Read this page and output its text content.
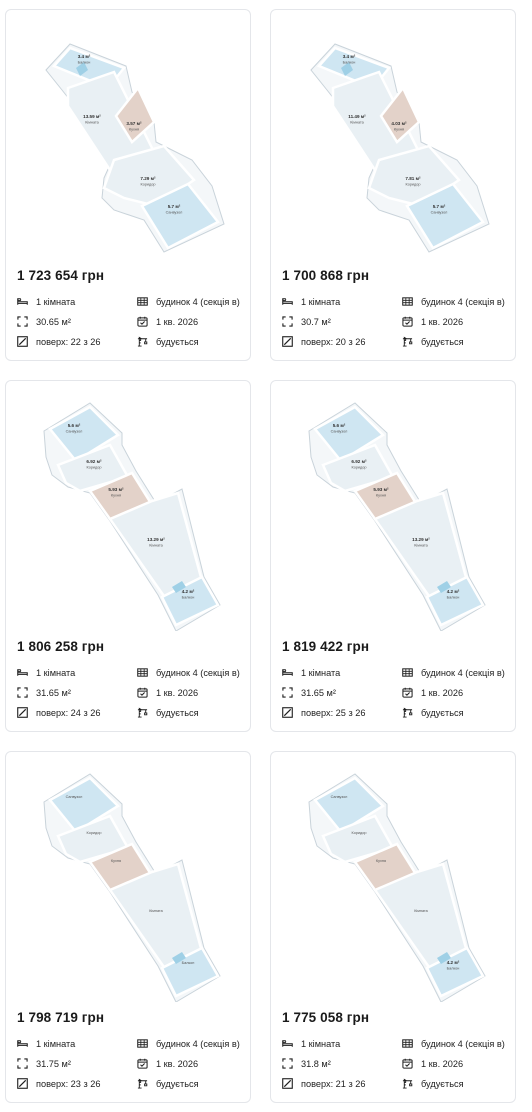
3.4 м²
Балкон
13.59 м²
Кімната	3.57 м²
Кухня
7.29 м²
Коридор
5.7 м²
Санвузол
1 723 654 грн
1 кімната	будинок 4 (секція в)
30.65 м²	1 кв. 2026
поверх: 22 з 26	будується
3.4 м²
Балкон
11.49 м²
Кімната	4.03 м²
Кухня
7.81 м²
Коридор
5.7 м²
Санвузол
1 700 868 грн
1 кімната	будинок 4 (секція в)
30.7 м²	1 кв. 2026
поверх: 20 з 26	будується
5.6 м²
Санвузол
6.92 м²
Коридор
5.93 м²
Кухня
13.29 м²
Кімната
4.2 м²
Балкон
1 806 258 грн
1 кімната	будинок 4 (секція в)
31.65 м²	1 кв. 2026
поверх: 24 з 26	будується
5.6 м²
Санвузол
6.92 м²
Коридор
5.93 м²
Кухня
13.29 м²
Кімната
4.2 м²
Балкон
1 819 422 грн
1 кімната	будинок 4 (секція в)
31.65 м²	1 кв. 2026
поверх: 25 з 26	будується
Санвузол
Коридор
Кухня
Кімната
Балкон
1 798 719 грн
1 кімната	будинок 4 (секція в)
31.75 м²	1 кв. 2026
поверх: 23 з 26	будується
Санвузол
Коридор
Кухня
Кімната
4.2 м²
Балкон
1 775 058 грн
1 кімната	будинок 4 (секція в)
31.8 м²	1 кв. 2026
поверх: 21 з 26	будується
